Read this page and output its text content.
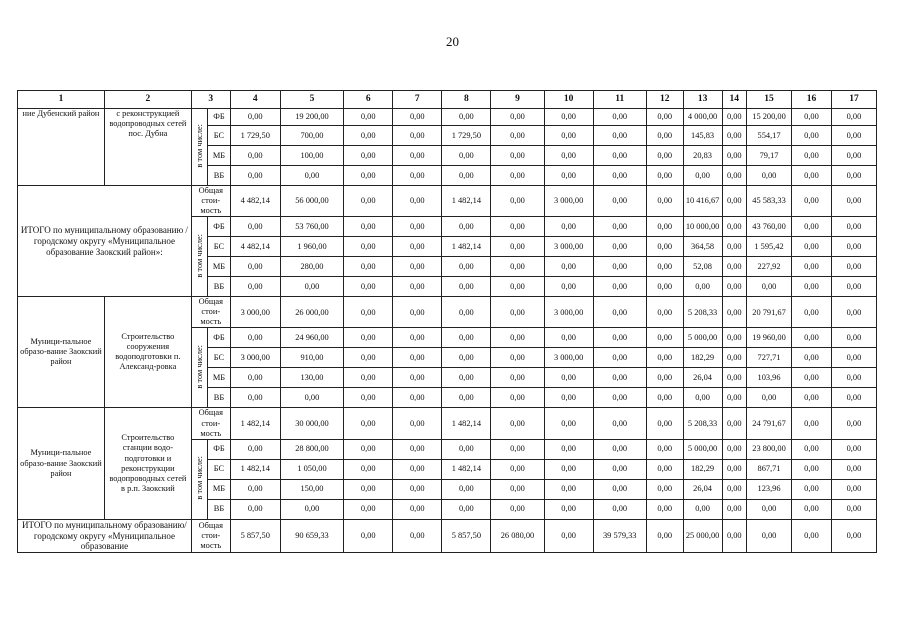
20
1	2	3		4	5	6	7	8	9	10	11	12	13	14	15	16	17
ние Дубенский район	с реконструкцией водопроводных сетей пос. Дубна	в том числе:	ФБ	0,00	19 200,00	0,00	0,00	0,00	0,00	0,00	0,00	0,00	4 000,00	0,00	15 200,00	0,00	0,00
			БС	1 729,50	700,00	0,00	0,00	1 729,50	0,00	0,00	0,00	0,00	145,83	0,00	554,17	0,00	0,00
			МБ	0,00	100,00	0,00	0,00	0,00	0,00	0,00	0,00	0,00	20,83	0,00	79,17	0,00	0,00
			ВБ	0,00	0,00	0,00	0,00	0,00	0,00	0,00	0,00	0,00	0,00	0,00	0,00	0,00	0,00
ИТОГО по муниципальному образованию / городскому округу «Муниципальное образование Заокский район»:		Общая стои-мость		4 482,14	56 000,00	0,00	0,00	1 482,14	0,00	3 000,00	0,00	0,00	10 416,67	0,00	45 583,33	0,00	0,00
		в том числе:	ФБ	0,00	53 760,00	0,00	0,00	0,00	0,00	0,00	0,00	0,00	10 000,00	0,00	43 760,00	0,00	0,00
			БС	4 482,14	1 960,00	0,00	0,00	1 482,14	0,00	3 000,00	0,00	0,00	364,58	0,00	1 595,42	0,00	0,00
			МБ	0,00	280,00	0,00	0,00	0,00	0,00	0,00	0,00	0,00	52,08	0,00	227,92	0,00	0,00
			ВБ	0,00	0,00	0,00	0,00	0,00	0,00	0,00	0,00	0,00	0,00	0,00	0,00	0,00	0,00
Муници-пальное образо-вание Заокский район	Строительство сооружения водоподготовки п. Александ-ровка	Общая стои-мость		3 000,00	26 000,00	0,00	0,00	0,00	0,00	3 000,00	0,00	0,00	5 208,33	0,00	20 791,67	0,00	0,00
		в том числе:	ФБ	0,00	24 960,00	0,00	0,00	0,00	0,00	0,00	0,00	0,00	5 000,00	0,00	19 960,00	0,00	0,00
			БС	3 000,00	910,00	0,00	0,00	0,00	0,00	3 000,00	0,00	0,00	182,29	0,00	727,71	0,00	0,00
			МБ	0,00	130,00	0,00	0,00	0,00	0,00	0,00	0,00	0,00	26,04	0,00	103,96	0,00	0,00
			ВБ	0,00	0,00	0,00	0,00	0,00	0,00	0,00	0,00	0,00	0,00	0,00	0,00	0,00	0,00
Муници-пальное образо-вание Заокский район	Строительство станции водо-подготовки и реконструкции водопроводных сетей в р.п. Заокский	Общая стои-мость		1 482,14	30 000,00	0,00	0,00	1 482,14	0,00	0,00	0,00	0,00	5 208,33	0,00	24 791,67	0,00	0,00
		в том числе:	ФБ	0,00	28 800,00	0,00	0,00	0,00	0,00	0,00	0,00	0,00	5 000,00	0,00	23 800,00	0,00	0,00
			БС	1 482,14	1 050,00	0,00	0,00	1 482,14	0,00	0,00	0,00	0,00	182,29	0,00	867,71	0,00	0,00
			МБ	0,00	150,00	0,00	0,00	0,00	0,00	0,00	0,00	0,00	26,04	0,00	123,96	0,00	0,00
			ВБ	0,00	0,00	0,00	0,00	0,00	0,00	0,00	0,00	0,00	0,00	0,00	0,00	0,00	0,00
ИТОГО по муниципальному образованию/ городскому округу «Муниципальное образование		Общая стои-мость		5 857,50	90 659,33	0,00	0,00	5 857,50	26 080,00	0,00	39 579,33	0,00	25 000,00	0,00	0,00	0,00	0,00
